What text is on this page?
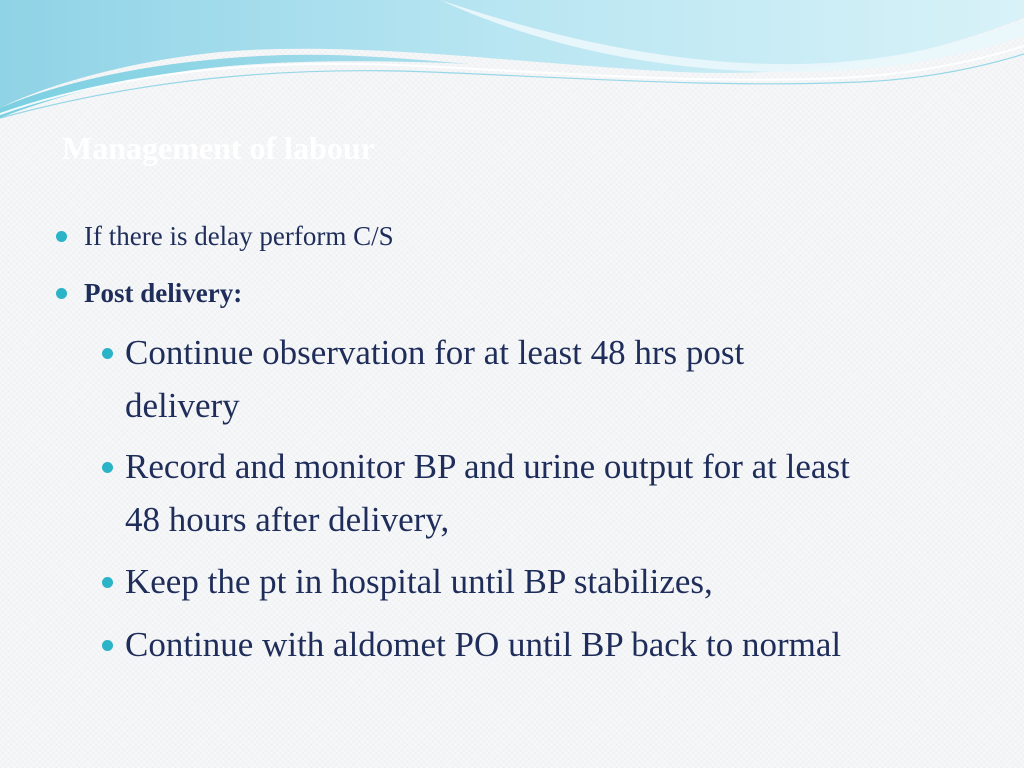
Management of labour
If there is delay perform C/S
Post delivery:
Continue observation for at least 48 hrs post
delivery
Record and monitor BP and urine output for at least
48 hours after delivery,
Keep the pt in hospital until BP stabilizes,
Continue with aldomet PO until BP back to normal
